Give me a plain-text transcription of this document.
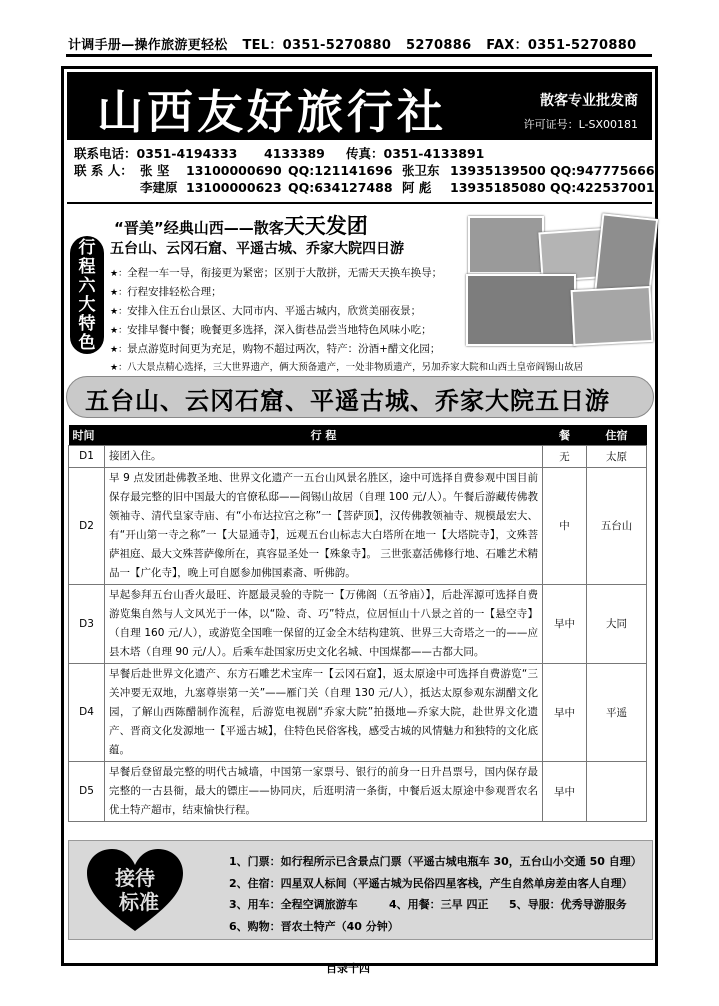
计调手册—操作旅游更轻松 TEL：0351-5270880 5270886 FAX：0351-5270880
山西友好旅行社	散客专业批发商
许可证号：L-SX00181
联系电话：0351-4194333 4133389 传真：0351-4133891
联 系 人： 张 坚 13100000690 QQ:121141696 张卫东 13935139500 QQ:947775666
李建原 13100000623 QQ:634127488 阿 彪 13935185080 QQ:422537001
行
程
六
大
特
色
“晋美”经典山西——散客天天发团
五台山、云冈石窟、平遥古城、乔家大院四日游
★：全程一车一导，衔接更为紧密；区别于大散拼，无需天天换车换导；
★：行程安排轻松合理；
★：安排入住五台山景区、大同市内、平遥古城内，欣赏美丽夜景；
★：安排早餐中餐；晚餐更多选择，深入街巷品尝当地特色风味小吃；
★：景点游览时间更为充足，购物不超过两次，特产：汾酒+醋文化园；
★：八大景点精心选择，三大世界遗产，俩大预备遗产，一处非物质遗产，另加乔家大院和山西土皇帝阎锡山故居
五台山、云冈石窟、平遥古城、乔家大院五日游
时间	行 程	餐	住宿
D1	接团入住。	无	太原
D2	早 9 点发团赴佛教圣地、世界文化遗产一五台山风景名胜区，途中可选择自费参观中国目前保存最完整的旧中国最大的官僚私邸——阎锡山故居（自理 100 元/人）。午餐后游藏传佛教领袖寺、清代皇家寺庙、有“小布达拉宫之称”一【菩萨顶】，汉传佛教领袖寺、规模最宏大、有“开山第一寺之称”一【大显通寺】，远观五台山标志大白塔所在地一【大塔院寺】，文殊菩萨祖庭、最大文殊菩萨像所在，真容显圣处一【殊象寺】。 三世张嘉活佛修行地、石雕艺术精品一【广化寺】，晚上可自愿参加佛国素斋、听佛韵。	中	五台山
D3	早起参拜五台山香火最旺、许愿最灵验的寺院一【万佛阁（五爷庙）】，后赴浑源可选择自费游览集自然与人文风光于一体，以“险、奇、巧”特点，位居恒山十八景之首的一【悬空寺】（自理 160 元/人），或游览全国唯一保留的辽金全木结构建筑、世界三大奇塔之一的——应县木塔（自理 90 元/人）。后乘车赴国家历史文化名城、中国煤都——古都大同。	早中	大同
D4	早餐后赴世界文化遗产、东方石雕艺术宝库一【云冈石窟】，返太原途中可选择自费游览“三关冲要无双地，九塞尊崇第一关”——雁门关（自理 130 元/人），抵达太原参观东湖醋文化园，了解山西陈醋制作流程，后游览电视剧“乔家大院”拍摄地—乔家大院，赴世界文化遗产、晋商文化发源地一【平遥古城】，住特色民俗客栈，感受古城的风情魅力和独特的文化底蕴。	早中	平遥
D5	早餐后登留最完整的明代古城墙，中国第一家票号、银行的前身一日升昌票号，国内保存最完整的一古县衙，最大的镖庄——协同庆，后逛明清一条街，中餐后返太原途中参观晋农名优土特产超市，结束愉快行程。	早中	
接待
标准
1、门票：如行程所示已含景点门票（平遥古城电瓶车 30，五台山小交通 50 自理）
2、住宿：四星双人标间（平遥古城为民俗四星客栈，产生自然单房差由客人自理）
3、用车：全程空调旅游车	4、用餐：三早 四正 5、导服：优秀导游服务
6、购物：晋农土特产（40 分钟）
目录十四
